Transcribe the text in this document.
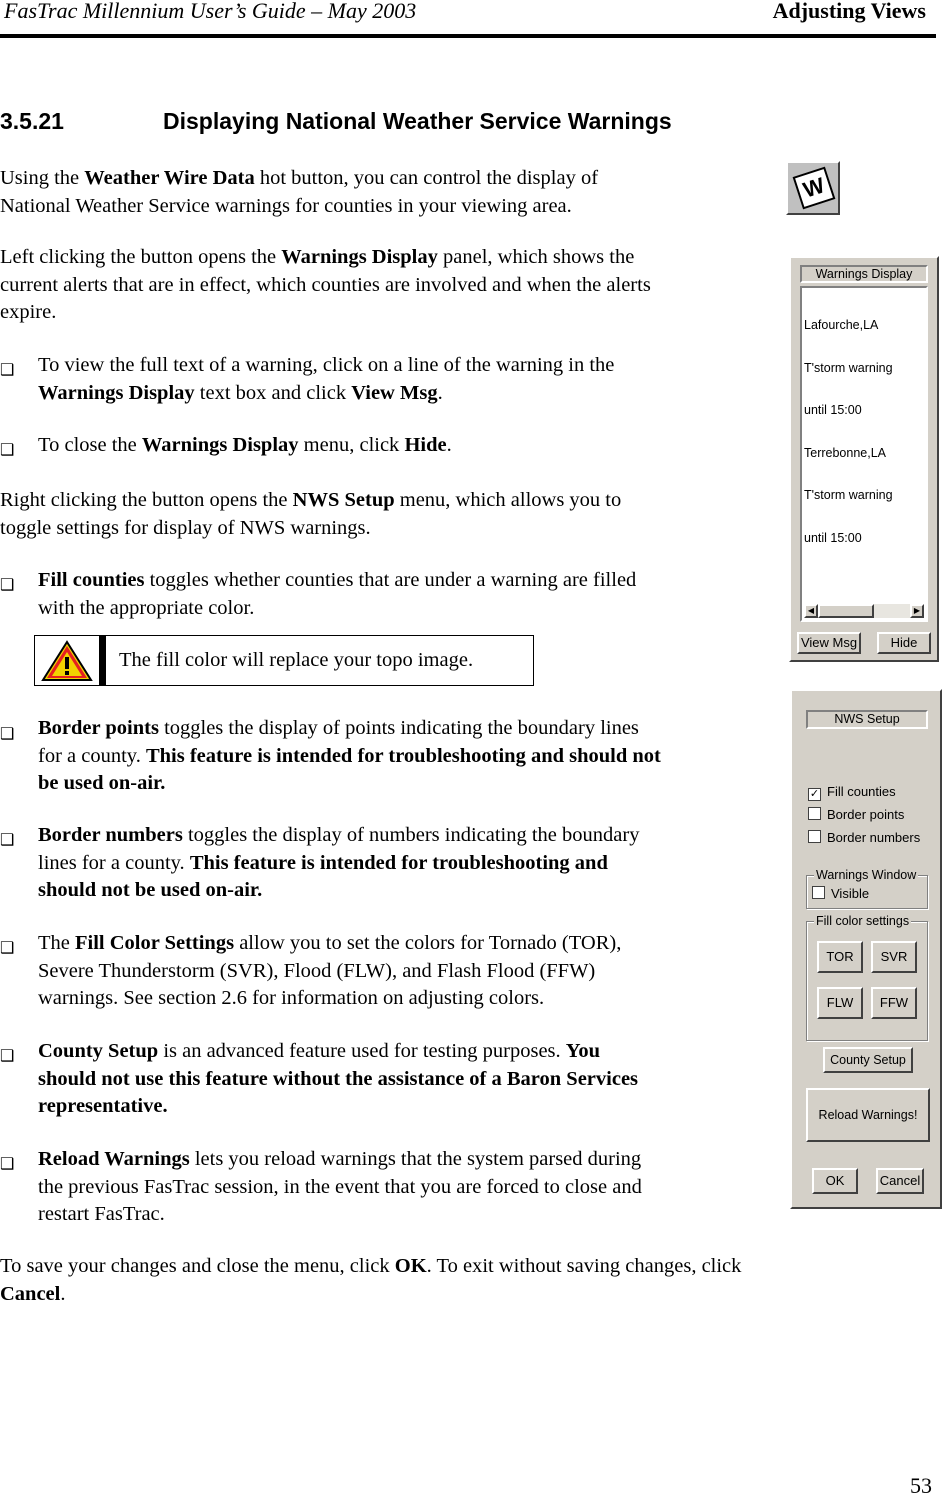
FasTrac Millennium User’s Guide – May 2003	Adjusting Views
3.5.21	Displaying National Weather Service Warnings

Using the Weather Wire Data hot button, you can control the display of
National Weather Service warnings for counties in your viewing area.

W

Left clicking the button opens the Warnings Display panel, which shows the
current alerts that are in effect, which counties are involved and when the alerts
expire.

❑ To view the full text of a warning, click on a line of the warning in the
Warnings Display text box and click View Msg.

❑ To close the Warnings Display menu, click Hide.

Right clicking the button opens the NWS Setup menu, which allows you to
toggle settings for display of NWS warnings.

❑ Fill counties toggles whether counties that are under a warning are filled
with the appropriate color.

The fill color will replace your topo image.
❑ Border points toggles the display of points indicating the boundary lines
for a county. This feature is intended for troubleshooting and should not
be used on-air.

❑ Border numbers toggles the display of numbers indicating the boundary
lines for a county. This feature is intended for troubleshooting and
should not be used on-air.

❑ The Fill Color Settings allow you to set the colors for Tornado (TOR),
Severe Thunderstorm (SVR), Flood (FLW), and Flash Flood (FFW)
warnings. See section 2.6 for information on adjusting colors.

❑ County Setup is an advanced feature used for testing purposes. You
should not use this feature without the assistance of a Baron Services
representative.

❑ Reload Warnings lets you reload warnings that the system parsed during
the previous FasTrac session, in the event that you are forced to close and
restart FasTrac.

To save your changes and close the menu, click OK. To exit without saving changes, click
Cancel.

53
Warnings Display

Lafourche,LA

T'storm warning

until 15:00

Terrebonne,LA

T'storm warning

until 15:00

◀	▶
View Msg	Hide
NWS Setup
✓ Fill counties
Border points
Border numbers
Warnings Window
Visible
Fill color settings
TOR	SVR
FLW	FFW
County Setup
Reload Warnings!
OK	Cancel
